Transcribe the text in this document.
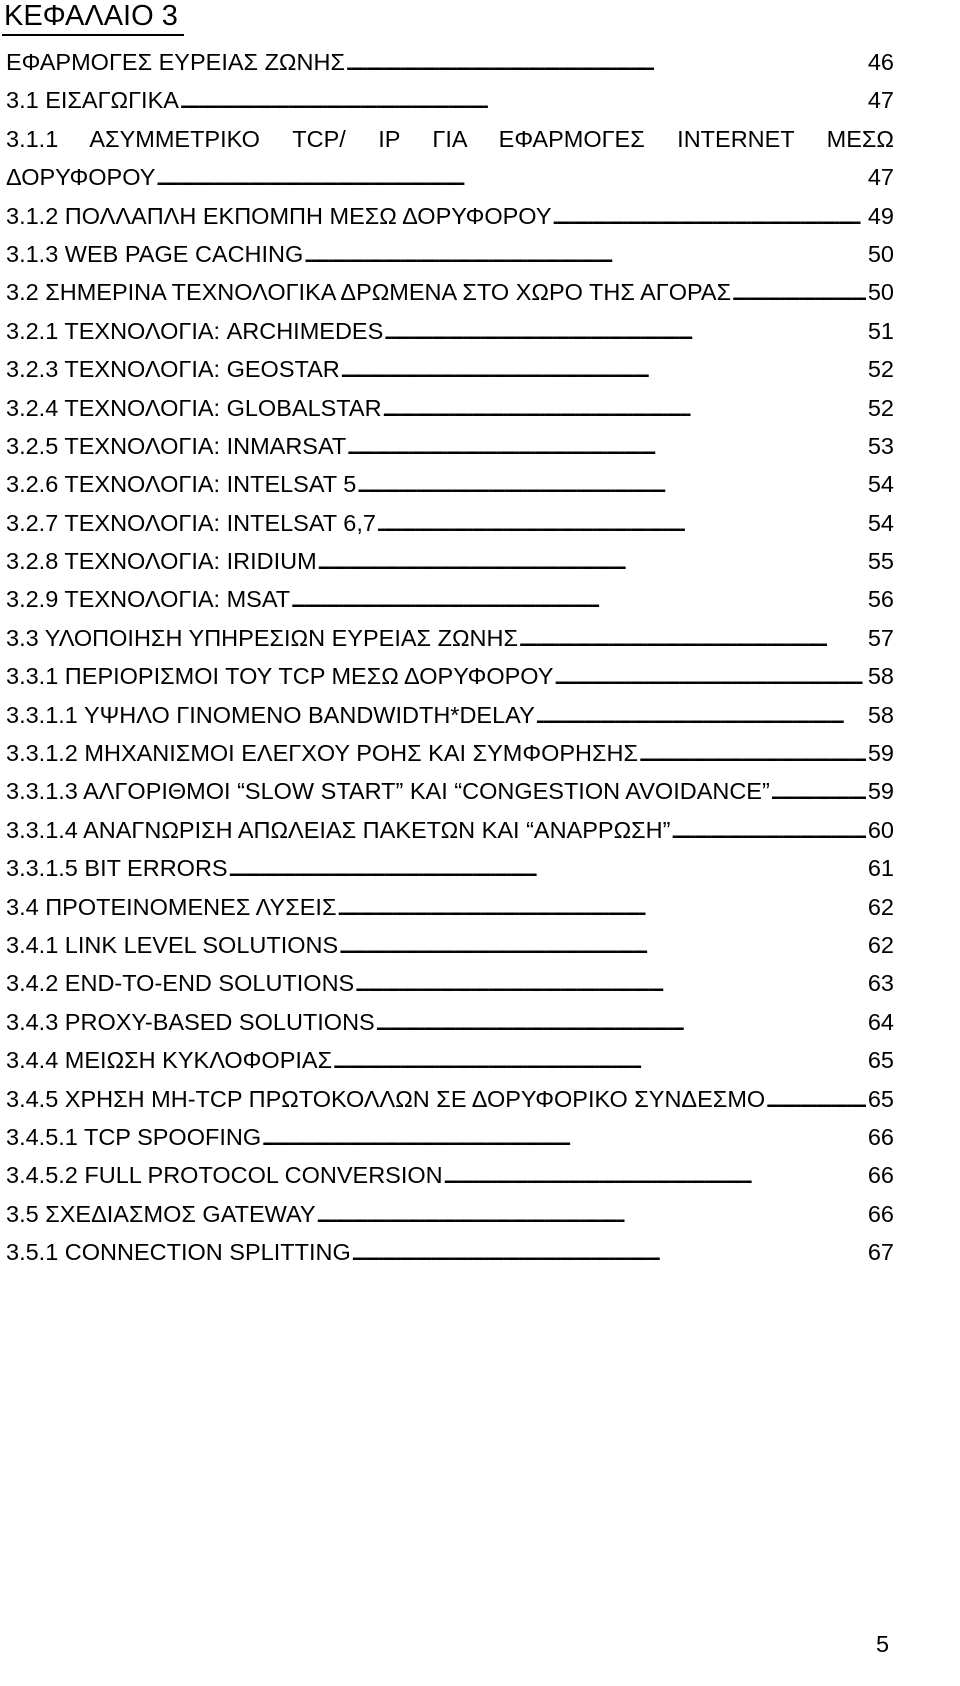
ΚΕΦΑΛΑΙΟ 3
ΕΦΑΡΜΟΓΕΣ ΕΥΡΕΙΑΣ ΖΩΝΗΣ . . .	46
3.1 ΕΙΣΑΓΩΓΙΚΑ . . .	47
3.1.1 ΑΣΥΜΜΕΤΡΙΚΟ TCP/ IP ΓΙΑ ΕΦΑΡΜΟΓΕΣ INTERNET ΜΕΣΩ
ΔΟΡΥΦΟΡΟΥ . . .	47
3.1.2 ΠΟΛΛΑΠΛΗ ΕΚΠΟΜΠΗ ΜΕΣΩ ΔΟΡΥΦΟΡΟΥ . . .	49
3.1.3 WEB PAGE CACHING . . .	50
3.2 ΣΗΜΕΡΙΝΑ ΤΕΧΝΟΛΟΓΙΚΑ ΔΡΩΜΕΝΑ ΣΤΟ ΧΩΡΟ ΤΗΣ ΑΓΟΡΑΣ . . .	50
3.2.1 ΤΕΧΝΟΛΟΓΙΑ: ARCHIMEDES . . .	51
3.2.3 ΤΕΧΝΟΛΟΓΙΑ: GEOSTAR . . .	52
3.2.4 ΤΕΧΝΟΛΟΓΙΑ: GLOBALSTAR . . .	52
3.2.5 ΤΕΧΝΟΛΟΓΙΑ: INMARSAT . . .	53
3.2.6 ΤΕΧΝΟΛΟΓΙΑ: INTELSAT 5 . . .	54
3.2.7 ΤΕΧΝΟΛΟΓΙΑ: INTELSAT 6,7 . . .	54
3.2.8 ΤΕΧΝΟΛΟΓΙΑ: IRIDIUM . . .	55
3.2.9 ΤΕΧΝΟΛΟΓΙΑ: MSAT . . .	56
3.3 ΥΛΟΠΟΙΗΣΗ ΥΠΗΡΕΣΙΩΝ ΕΥΡΕΙΑΣ ΖΩΝΗΣ . . .	57
3.3.1 ΠΕΡΙΟΡΙΣΜΟΙ ΤΟΥ TCP ΜΕΣΩ ΔΟΡΥΦΟΡΟΥ . . .	58
3.3.1.1 ΥΨΗΛΟ ΓΙΝΟΜΕΝΟ BANDWIDTH*DELAY . . .	58
3.3.1.2 ΜΗΧΑΝΙΣΜΟΙ ΕΛΕΓΧΟΥ ΡΟΗΣ ΚΑΙ ΣΥΜΦΟΡΗΣΗΣ . . .	59
3.3.1.3 ΑΛΓΟΡΙΘΜΟΙ “SLOW START” ΚΑΙ “CONGESTION AVOIDANCE” . . .	59
3.3.1.4 ΑΝΑΓΝΩΡΙΣΗ ΑΠΩΛΕΙΑΣ ΠΑΚΕΤΩΝ ΚΑΙ “ΑΝΑΡΡΩΣΗ” . . .	60
3.3.1.5 BIT ERRORS . . .	61
3.4 ΠΡΟΤΕΙΝΟΜΕΝΕΣ ΛΥΣΕΙΣ . . .	62
3.4.1 LINK LEVEL SOLUTIONS . . .	62
3.4.2 END-TO-END SOLUTIONS . . .	63
3.4.3 PROXY-BASED SOLUTIONS . . .	64
3.4.4 ΜΕΙΩΣΗ ΚΥΚΛΟΦΟΡΙΑΣ . . .	65
3.4.5 ΧΡΗΣΗ ΜΗ-TCP ΠΡΩΤΟΚΟΛΛΩΝ ΣΕ ΔΟΡΥΦΟΡΙΚΟ ΣΥΝΔΕΣΜΟ . . .	65
3.4.5.1 TCP SPOOFING . . .	66
3.4.5.2 FULL PROTOCOL CONVERSION . . .	66
3.5 ΣΧΕΔΙΑΣΜΟΣ GATEWAY . . .	66
3.5.1 CONNECTION SPLITTING . . .	67
5
